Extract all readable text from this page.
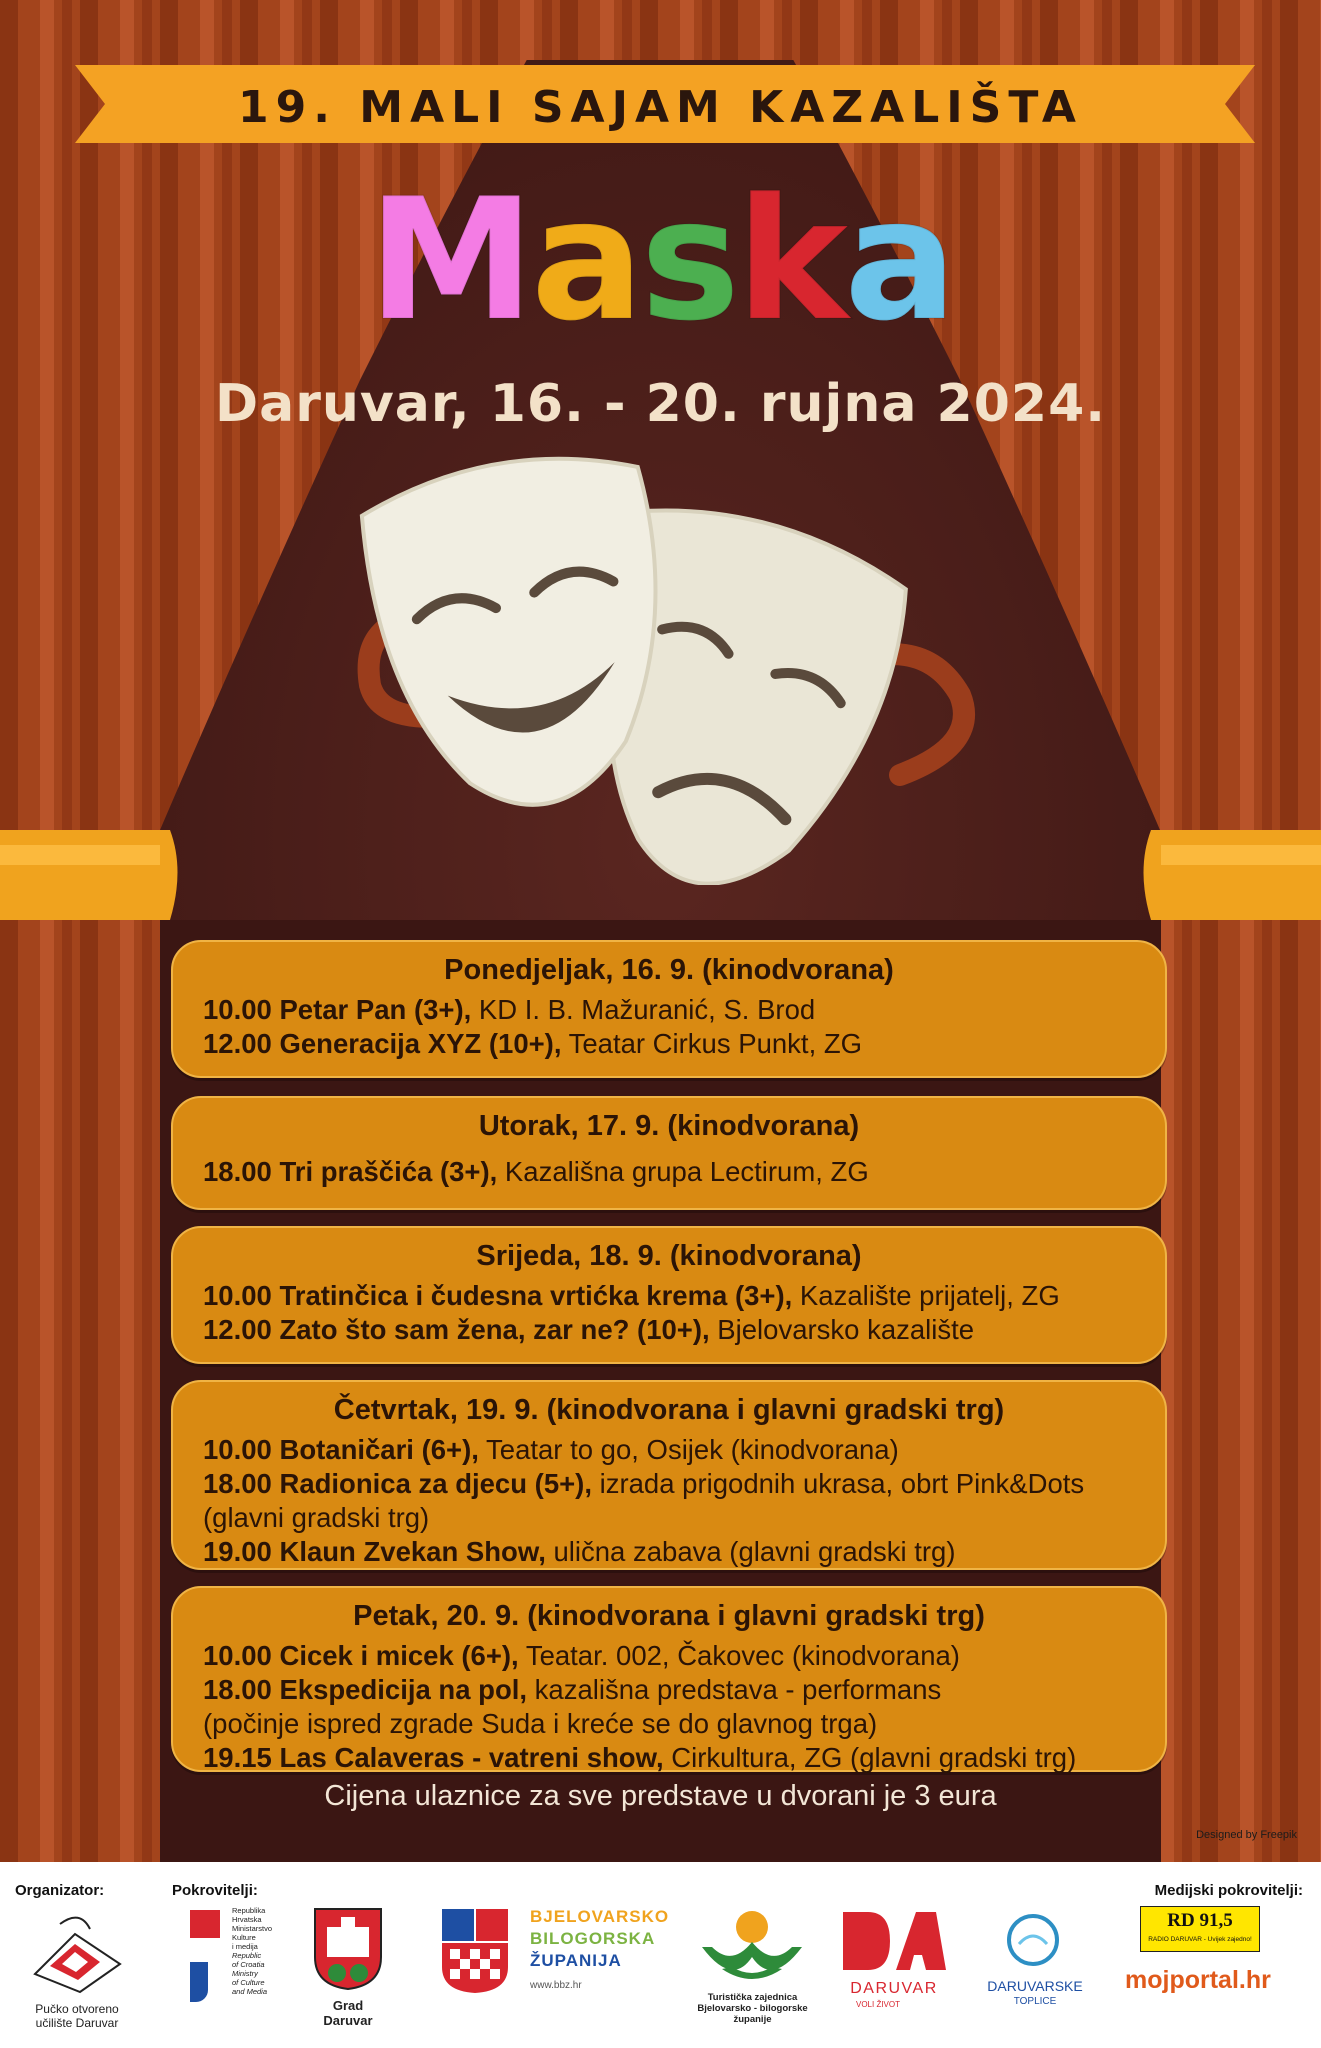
19. MALI SAJAM KAZALIŠTA
Maska
Daruvar, 16. - 20. rujna 2024.
Ponedjeljak, 16. 9. (kinodvorana)
10.00 Petar Pan (3+), KD I. B. Mažuranić, S. Brod
12.00 Generacija XYZ (10+), Teatar Cirkus Punkt, ZG
Utorak, 17. 9. (kinodvorana)
18.00 Tri praščića (3+), Kazališna grupa Lectirum, ZG
Srijeda, 18. 9. (kinodvorana)
10.00 Tratinčica i čudesna vrtićka krema (3+), Kazalište prijatelj, ZG
12.00 Zato što sam žena, zar ne? (10+), Bjelovarsko kazalište
Četvrtak, 19. 9. (kinodvorana i glavni gradski trg)
10.00 Botaničari (6+), Teatar to go, Osijek (kinodvorana)
18.00 Radionica za djecu (5+), izrada prigodnih ukrasa, obrt Pink&Dots
(glavni gradski trg)
19.00 Klaun Zvekan Show, ulična zabava (glavni gradski trg)
Petak, 20. 9. (kinodvorana i glavni gradski trg)
10.00 Cicek i micek (6+), Teatar. 002, Čakovec (kinodvorana)
18.00 Ekspedicija na pol, kazališna predstava - performans
(počinje ispred zgrade Suda i kreće se do glavnog trga)
19.15 Las Calaveras - vatreni show, Cirkultura, ZG (glavni gradski trg)
Cijena ulaznice za sve predstave u dvorani je 3 eura
Designed by Freepik
Organizator:	Pokrovitelji:	Medijski pokrovitelji:
Pučko otvoreno
učilište Daruvar
Republika
Hrvatska
Ministarstvo
Kulture
i medija
Republic
of Croatia
Ministry
of Culture
and Media
Grad
Daruvar
BJELOVARSKO
BILOGORSKA
ŽUPANIJA
www.bbz.hr
Turistička zajednica
Bjelovarsko - bilogorske
županije
DARUVAR
VOLI ŽIVOT
DARUVARSKE
TOPLICE
RD 91,5
RADIO DARUVAR - Uvijek zajedno!
mojportal.hr
